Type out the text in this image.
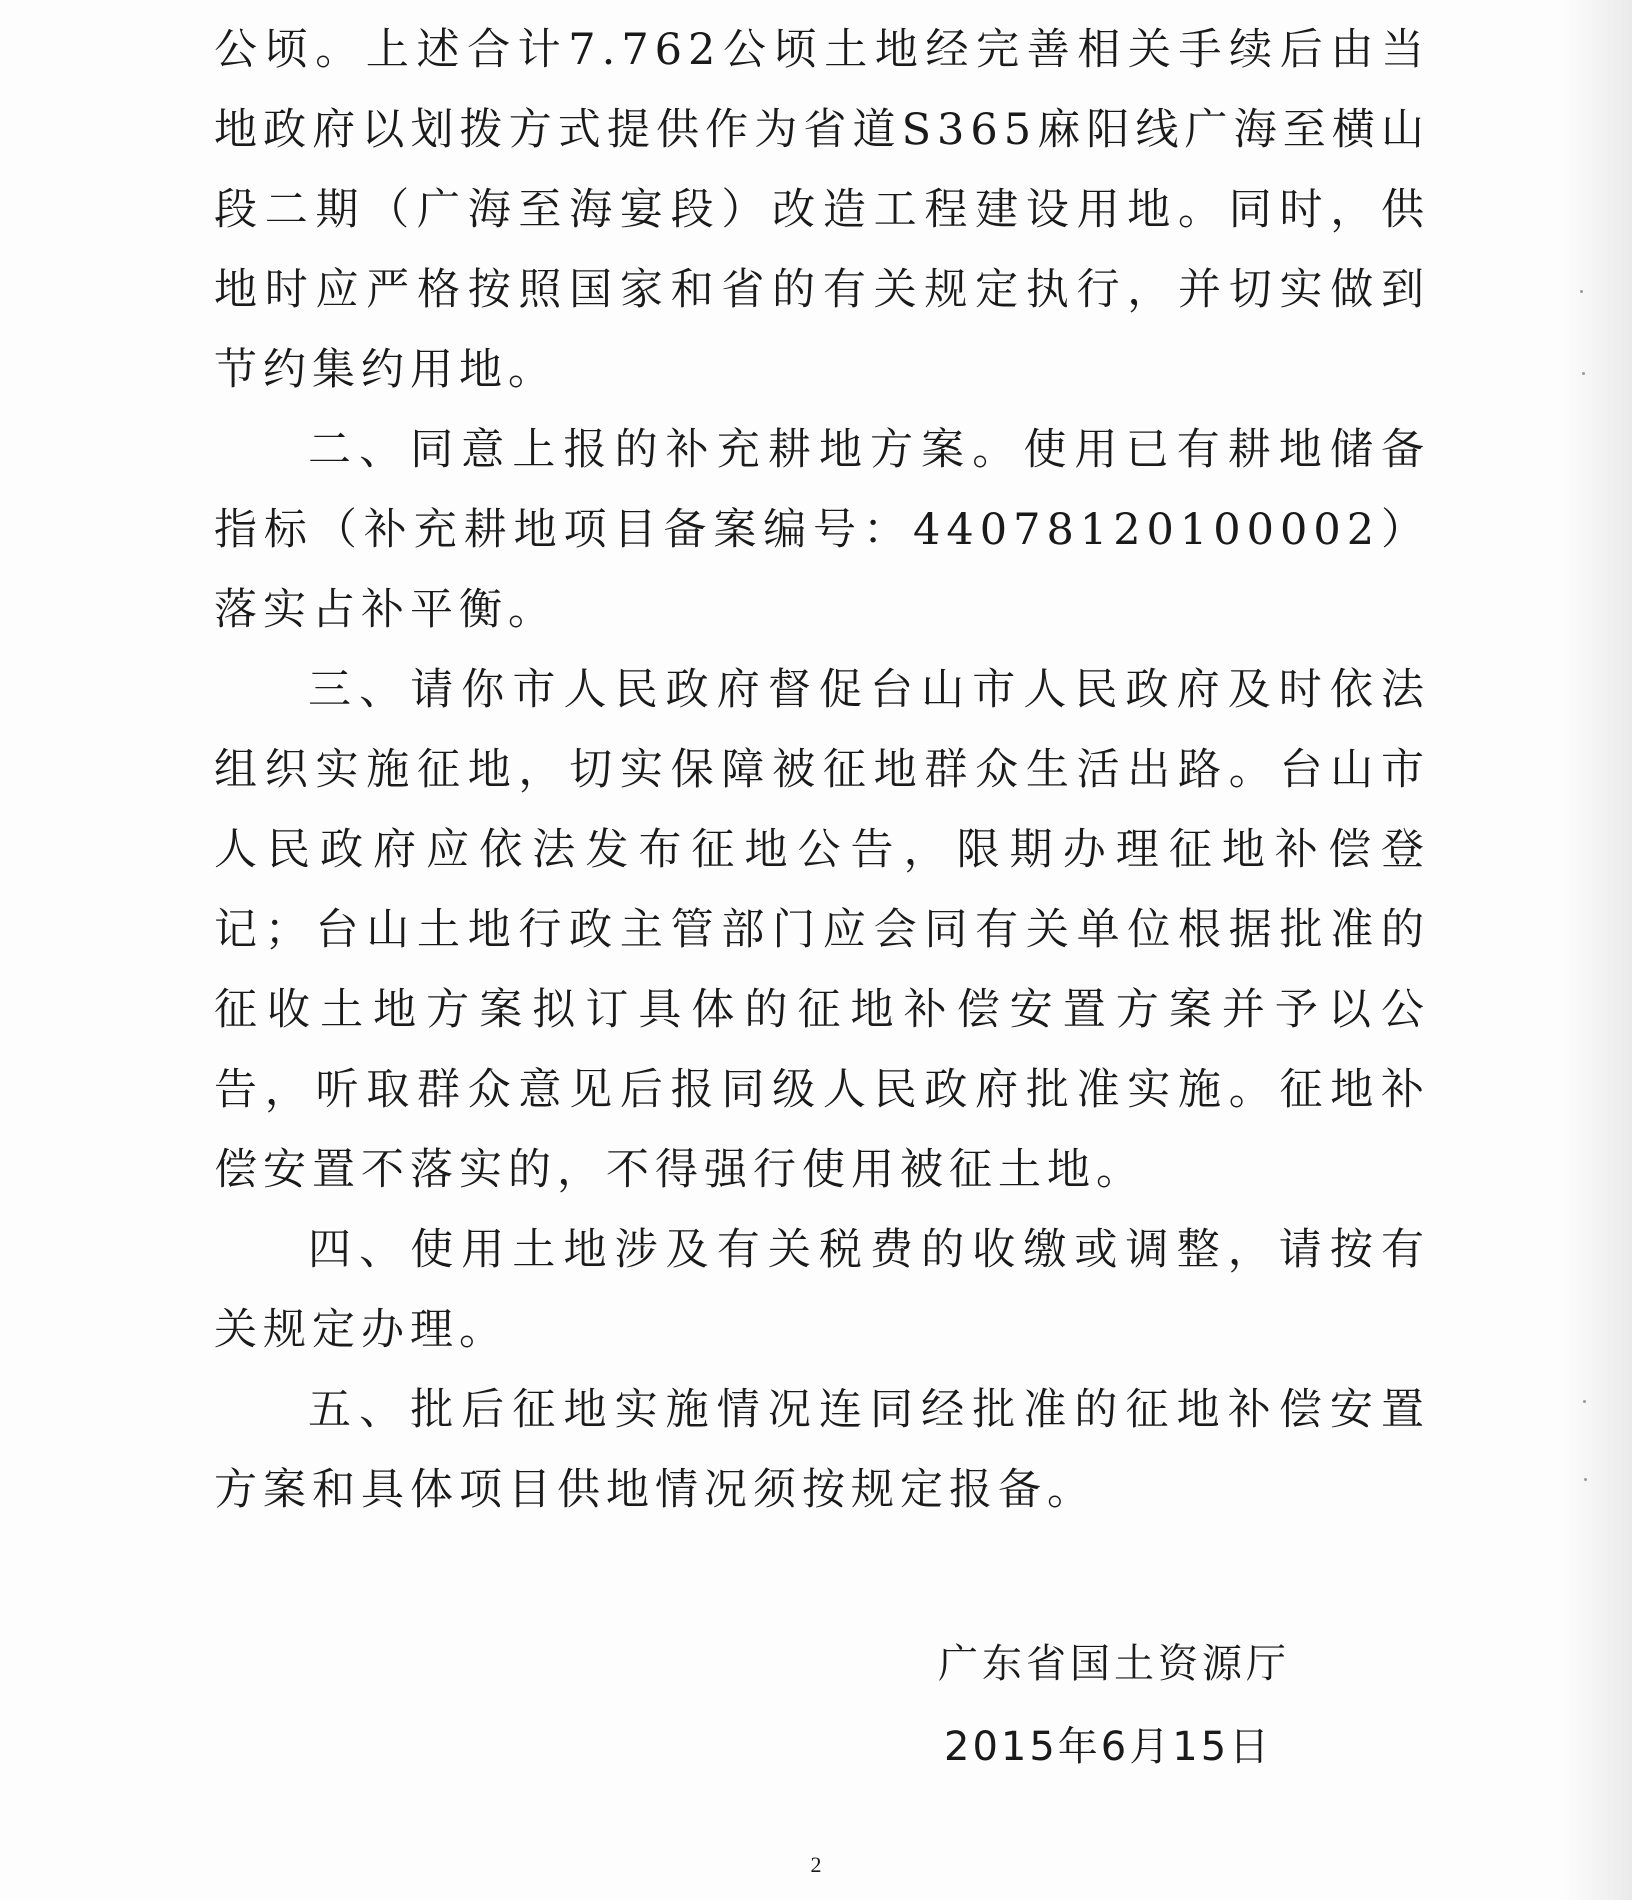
公顷。上述合计7.762公顷土地经完善相关手续后由当地政府以划拨方式提供作为省道S365麻阳线广海至横山段二期（广海至海宴段）改造工程建设用地。同时，供地时应严格按照国家和省的有关规定执行，并切实做到节约集约用地。

二、同意上报的补充耕地方案。使用已有耕地储备指标（补充耕地项目备案编号：44078120100002）落实占补平衡。

三、请你市人民政府督促台山市人民政府及时依法组织实施征地，切实保障被征地群众生活出路。台山市人民政府应依法发布征地公告，限期办理征地补偿登记；台山土地行政主管部门应会同有关单位根据批准的征收土地方案拟订具体的征地补偿安置方案并予以公告，听取群众意见后报同级人民政府批准实施。征地补偿安置不落实的，不得强行使用被征土地。

四、使用土地涉及有关税费的收缴或调整，请按有关规定办理。

五、批后征地实施情况连同经批准的征地补偿安置方案和具体项目供地情况须按规定报备。

广东省国土资源厅
2015年6月15日
2
